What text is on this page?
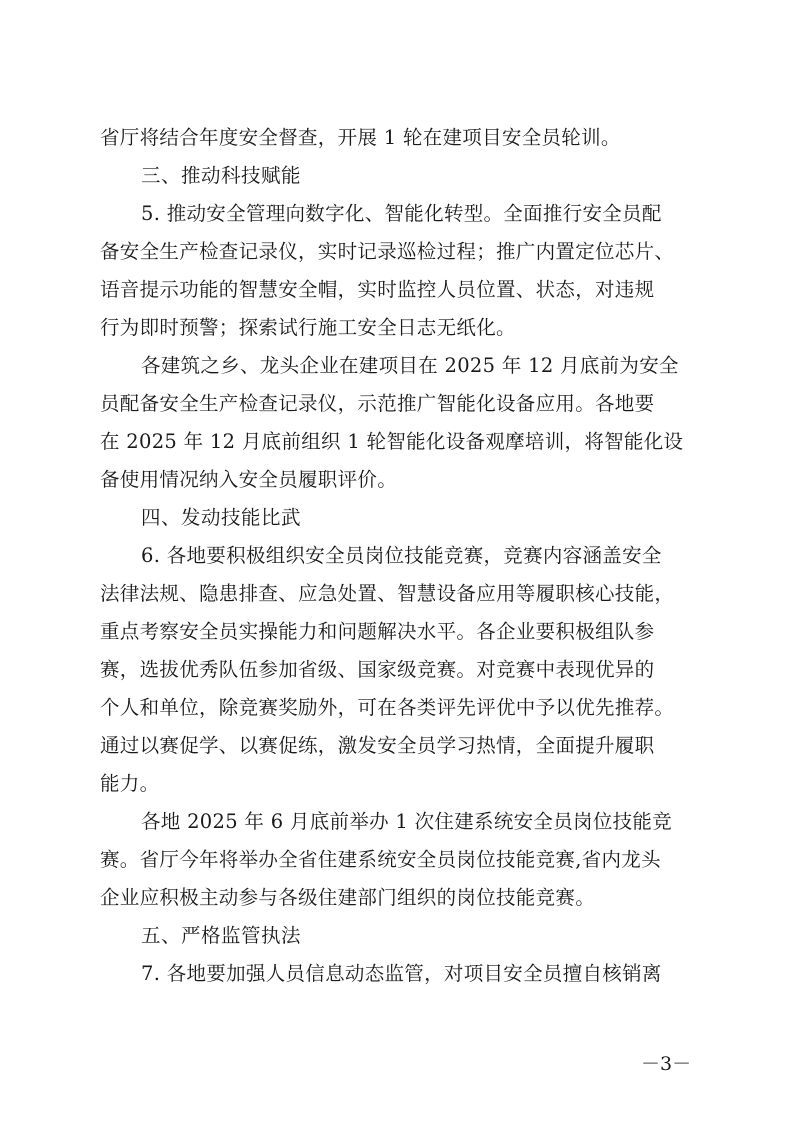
省厅将结合年度安全督查，开展 1 轮在建项目安全员轮训。
三、推动科技赋能
5. 推动安全管理向数字化、智能化转型。全面推行安全员配
备安全生产检查记录仪，实时记录巡检过程；推广内置定位芯片、
语音提示功能的智慧安全帽，实时监控人员位置、状态，对违规
行为即时预警；探索试行施工安全日志无纸化。
各建筑之乡、龙头企业在建项目在 2025 年 12 月底前为安全
员配备安全生产检查记录仪，示范推广智能化设备应用。各地要
在 2025 年 12 月底前组织 1 轮智能化设备观摩培训，将智能化设
备使用情况纳入安全员履职评价。
四、发动技能比武
6. 各地要积极组织安全员岗位技能竞赛，竞赛内容涵盖安全
法律法规、隐患排查、应急处置、智慧设备应用等履职核心技能，
重点考察安全员实操能力和问题解决水平。各企业要积极组队参
赛，选拔优秀队伍参加省级、国家级竞赛。对竞赛中表现优异的
个人和单位，除竞赛奖励外，可在各类评先评优中予以优先推荐。
通过以赛促学、以赛促练，激发安全员学习热情，全面提升履职
能力。
各地 2025 年 6 月底前举办 1 次住建系统安全员岗位技能竞
赛。省厅今年将举办全省住建系统安全员岗位技能竞赛,省内龙头
企业应积极主动参与各级住建部门组织的岗位技能竞赛。
五、严格监管执法
7. 各地要加强人员信息动态监管，对项目安全员擅自核销离
－3－
